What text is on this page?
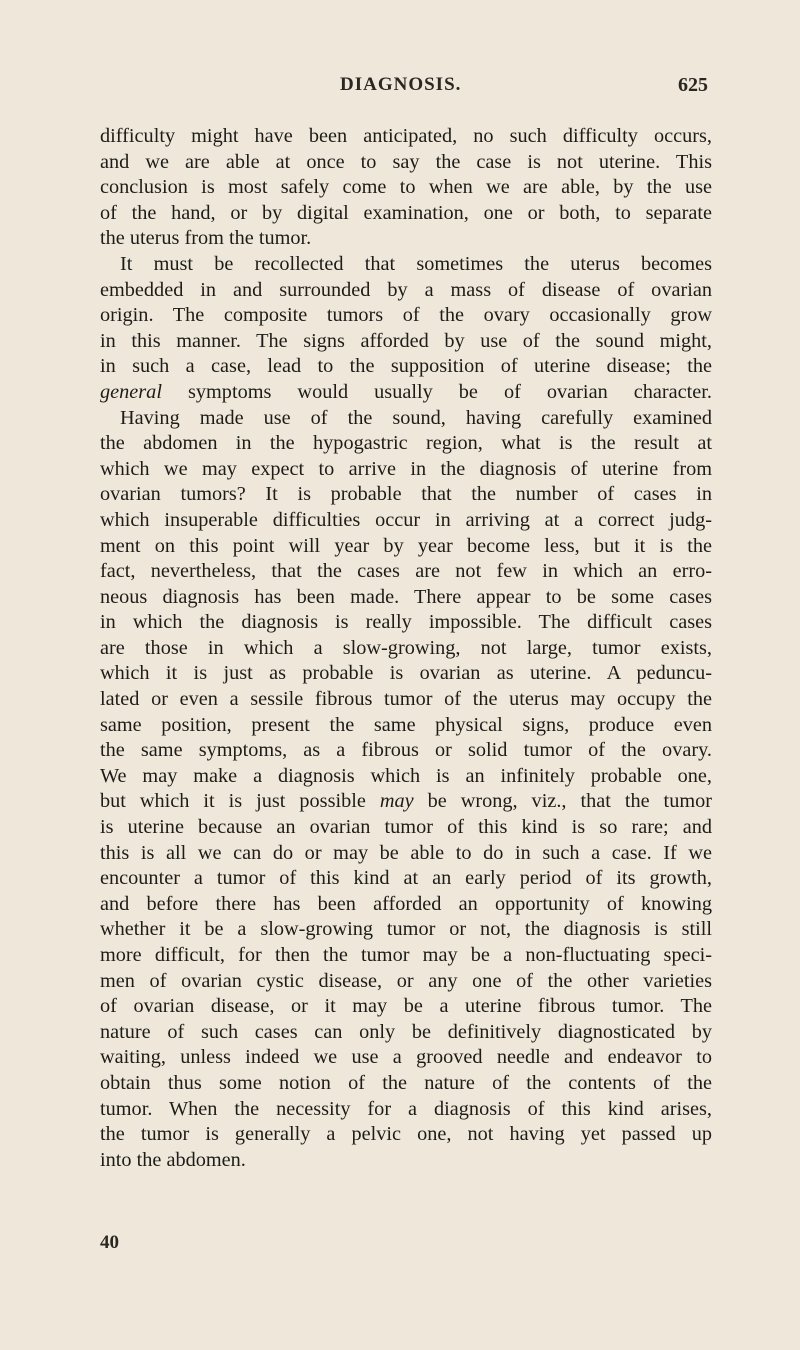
DIAGNOSIS.	625
difficulty might have been anticipated, no such difficulty occurs,
and we are able at once to say the case is not uterine. This
conclusion is most safely come to when we are able, by the use
of the hand, or by digital examination, one or both, to separate
the uterus from the tumor.
It must be recollected that sometimes the uterus becomes
embedded in and surrounded by a mass of disease of ovarian
origin. The composite tumors of the ovary occasionally grow
in this manner. The signs afforded by use of the sound might,
in such a case, lead to the supposition of uterine disease; the
general symptoms would usually be of ovarian character.
Having made use of the sound, having carefully examined
the abdomen in the hypogastric region, what is the result at
which we may expect to arrive in the diagnosis of uterine from
ovarian tumors? It is probable that the number of cases in
which insuperable difficulties occur in arriving at a correct judg-
ment on this point will year by year become less, but it is the
fact, nevertheless, that the cases are not few in which an erro-
neous diagnosis has been made. There appear to be some cases
in which the diagnosis is really impossible. The difficult cases
are those in which a slow-growing, not large, tumor exists,
which it is just as probable is ovarian as uterine. A peduncu-
lated or even a sessile fibrous tumor of the uterus may occupy the
same position, present the same physical signs, produce even
the same symptoms, as a fibrous or solid tumor of the ovary.
We may make a diagnosis which is an infinitely probable one,
but which it is just possible may be wrong, viz., that the tumor
is uterine because an ovarian tumor of this kind is so rare; and
this is all we can do or may be able to do in such a case. If we
encounter a tumor of this kind at an early period of its growth,
and before there has been afforded an opportunity of knowing
whether it be a slow-growing tumor or not, the diagnosis is still
more difficult, for then the tumor may be a non-fluctuating speci-
men of ovarian cystic disease, or any one of the other varieties
of ovarian disease, or it may be a uterine fibrous tumor. The
nature of such cases can only be definitively diagnosticated by
waiting, unless indeed we use a grooved needle and endeavor to
obtain thus some notion of the nature of the contents of the
tumor. When the necessity for a diagnosis of this kind arises,
the tumor is generally a pelvic one, not having yet passed up
into the abdomen.
40
